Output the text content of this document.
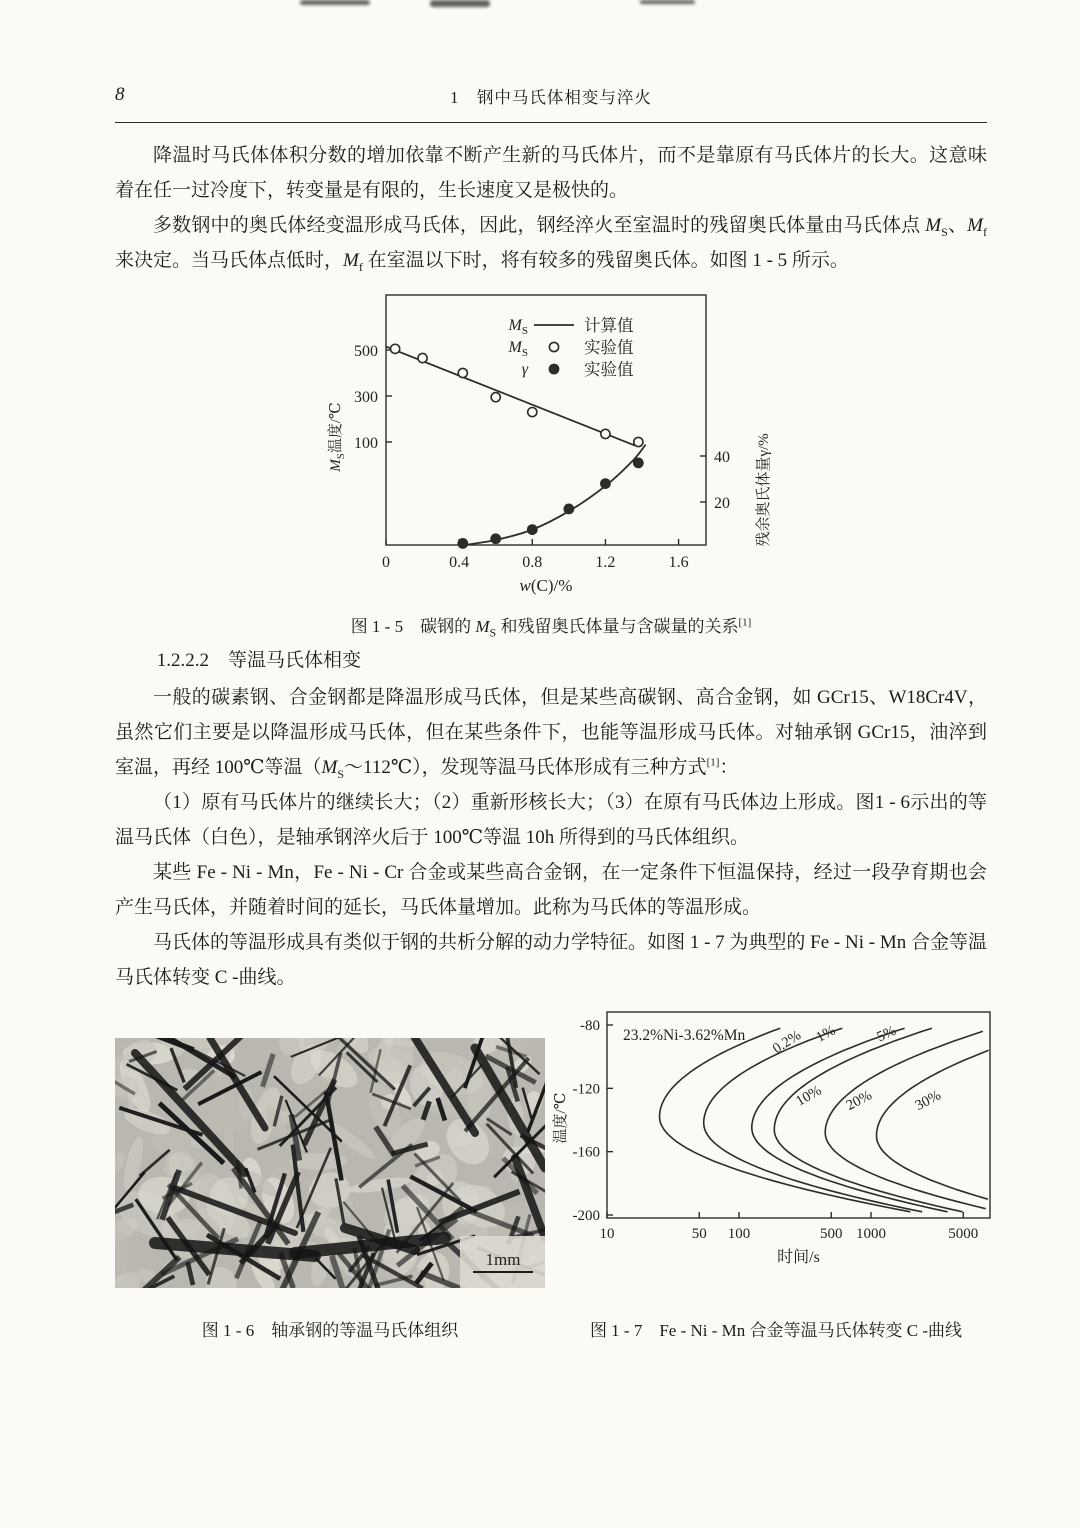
8	1　钢中马氏体相变与淬火

降温时马氏体体积分数的增加依靠不断产生新的马氏体片，而不是靠原有马氏体片的长大。这意味着在任一过冷度下，转变量是有限的，生长速度又是极快的。

多数钢中的奥氏体经变温形成马氏体，因此，钢经淬火至室温时的残留奥氏体量由马氏体点 $M_S$、$M_f$ 来决定。当马氏体点低时，$M_f$ 在室温以下时，将有较多的残留奥氏体。如图 1 - 5 所示。

500
300
100
40
20
0	0.4	0.8	1.2	1.6
$M_S$温度/℃
残余奥氏体量γ/%
w(C)/%
$M_S$	计算值
$M_S$	实验值
γ	实验值
图 1 - 5　碳钢的 $M_S$ 和残留奥氏体量与含碳量的关系[1]
1.2.2.2　等温马氏体相变

一般的碳素钢、合金钢都是降温形成马氏体，但是某些高碳钢、高合金钢，如 GCr15、W18Cr4V，虽然它们主要是以降温形成马氏体，但在某些条件下，也能等温形成马氏体。对轴承钢 GCr15，油淬到室温，再经 100℃等温$(M_S\sim 112℃)$，发现等温马氏体形成有三种方式[1]：

（1）原有马氏体片的继续长大；（2）重新形核长大；（3）在原有马氏体边上形成。图1 - 6示出的等温马氏体（白色），是轴承钢淬火后于 100℃等温 10h 所得到的马氏体组织。

某些 Fe - Ni - Mn，Fe - Ni - Cr 合金或某些高合金钢，在一定条件下恒温保持，经过一段孕育期也会产生马氏体，并随着时间的延长，马氏体量增加。此称为马氏体的等温形成。

马氏体的等温形成具有类似于钢的共析分解的动力学特征。如图 1 - 7 为典型的 Fe - Ni - Mn 合金等温马氏体转变 C -曲线。

1mm
-80
-120
-160
-200
10	50 100	500 1000	5000
温度/℃
时间/s
23.2%Ni-3.62%Mn 0.2% 1% 5%
10% 20%	30%
图 1 - 6　轴承钢的等温马氏体组织	图 1 - 7　Fe - Ni - Mn 合金等温马氏体转变 C -曲线
